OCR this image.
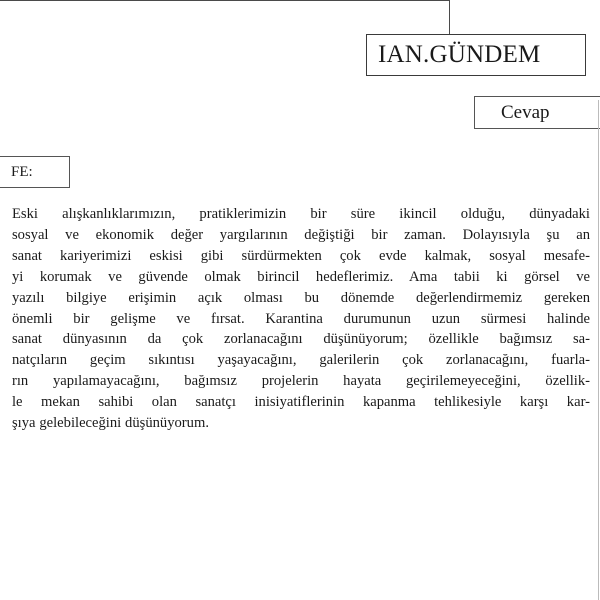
IAN.GÜNDEM
Cevap
FE:
Eski alışkanlıklarımızın, pratiklerimizin bir süre ikincil olduğu, dünyadaki
sosyal ve ekonomik değer yargılarının değiştiği bir zaman. Dolayısıyla şu an
sanat kariyerimizi eskisi gibi sürdürmekten çok evde kalmak, sosyal mesafe-
yi korumak ve güvende olmak birincil hedeflerimiz. Ama tabii ki görsel ve
yazılı bilgiye erişimin açık olması bu dönemde değerlendirmemiz gereken
önemli bir gelişme ve fırsat. Karantina durumunun uzun sürmesi halinde
sanat dünyasının da çok zorlanacağını düşünüyorum; özellikle bağımsız sa-
natçıların geçim sıkıntısı yaşayacağını, galerilerin çok zorlanacağını, fuarla-
rın yapılamayacağını, bağımsız projelerin hayata geçirilemeyeceğini, özellik-
le mekan sahibi olan sanatçı inisiyatiflerinin kapanma tehlikesiyle karşı kar-
şıya gelebileceğini düşünüyorum.
